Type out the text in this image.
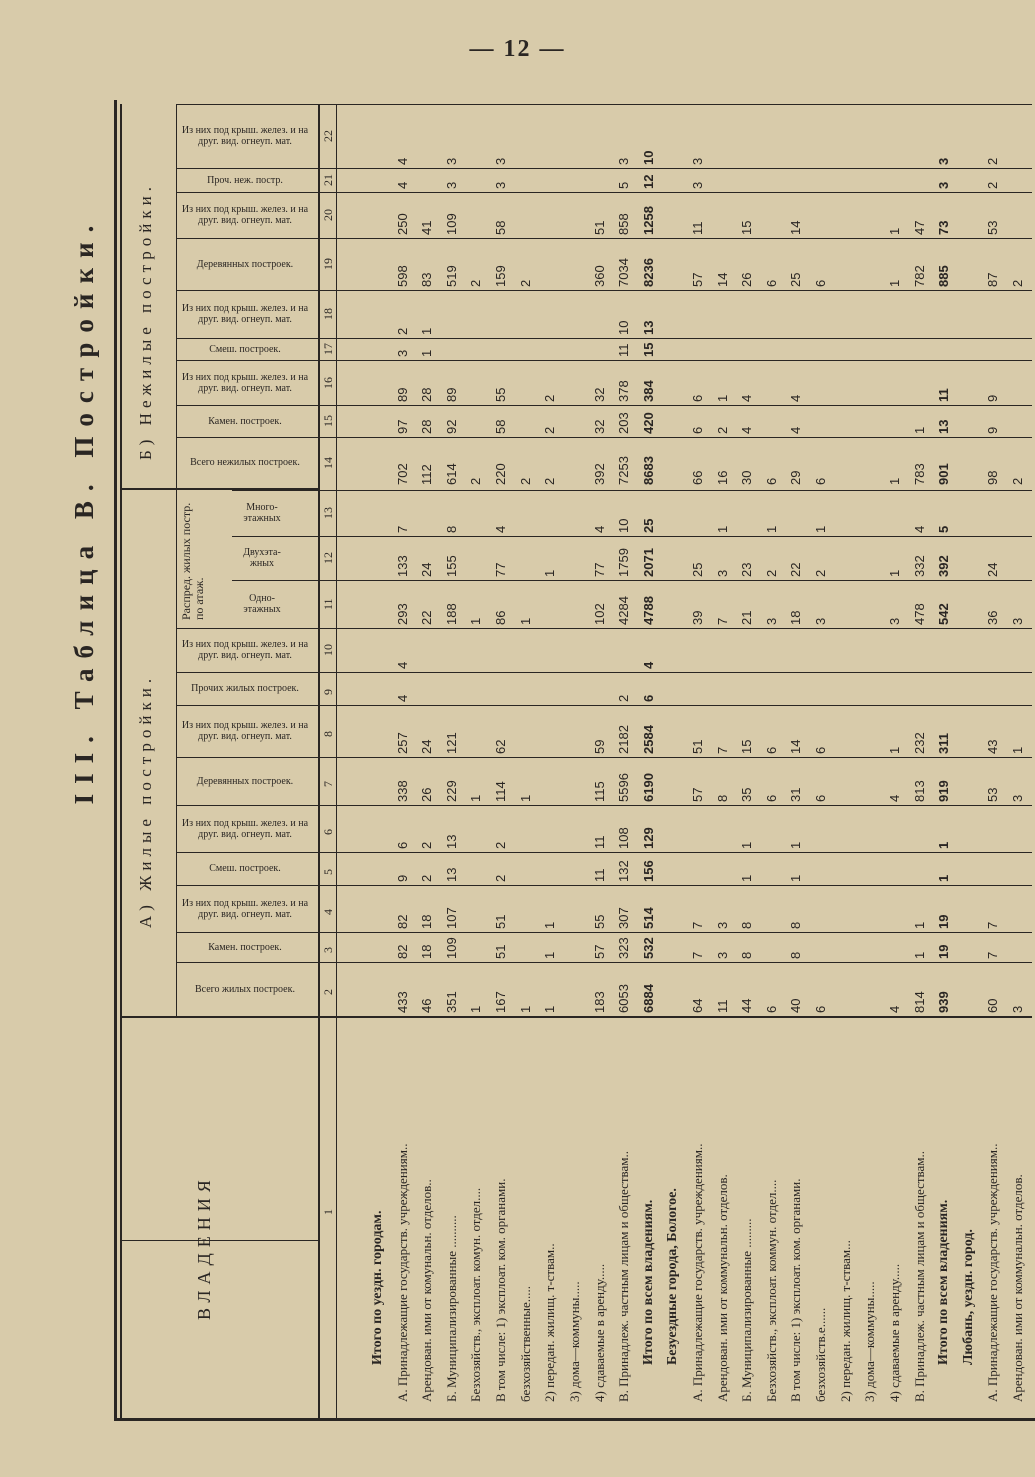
— 12 —
III. Таблица В. Постройки.	А) Жилые постройки.
Б) Нежилые постройки.
ВЛАДЕНИЯ
Распред. жилых постр. по атаж.
Всего жилых построек.
Камен. построек.
Из них под крыш. желез. и на друг. вид. огнеуп. мат.
Смеш. построек.
Из них под крыш. желез. и на друг. вид. огнеуп. мат.
Деревянных построек.
Из них под крыш. желез. и на друг. вид. огнеуп. мат.
Прочих жилых построек.
Из них под крыш. желез. и на друг. вид. огнеуп. мат.
Одно-этажных
Двухэта-жных
Много-этажных
Всего нежилых построек.
Камен. построек.
Из них под крыш. желез. и на друг. вид. огнеуп. мат.
Смеш. построек.
Из них под крыш. желез. и на друг. вид. огнеуп. мат.
Деревянных построек.
Из них под крыш. желез. и на друг. вид. огнеуп. мат.
Проч. неж. постр.
Из них под крыш. желез. и на друг. вид. огнеуп. мат.
1
2
3
4
5
6
7
8
9
10
11
12
13
14
15
16
17
18
19
20
21
22
Итого по уездн. городам. А. Принадлежащие государств. учреждениям..
433
82
82
9
6
338
257
4
4
293
133
7
702
97
89
3
2
598
250
4
4
Арендован. ими от комунальн. отделов..
46
18
18
2
2
26
24
22
24
112
28
28
1
1
83
41
Б. Муниципализированные ..........
351
109
107
13
13
229
121
188
155
8
614
92
89
519
109
3
3
Безхозяйств., эксплоат. комун. отдел....
1
1
1
2
2
В том числе: 1) эксплоат. ком. органами.
167
51
51
2
2
114
62
86
77
4
220
58
55
159
58
3
3
безхозяйственные.....
1
1
1
2
2
2) передан. жилищ. т-ствам..
1
1
1
1
2
2
2
3) дома—коммуны..... 4) сдаваемые в аренду.....
183
57
55
11
11
115
59
102
77
4
392
32
32
360
51
В. Принадлеж. частным лицам и обществам..
6053
323
307
132
108
5596
2182
2
4284
1759
10
7253
203
378
11
10
7034
858
5
3
Итого по всем владениям.
6884
532
514
156
129
6190
2584
6
4
4788
2071
25
8683
420
384
15
13
8236
1258
12
10
Безуездные города, Бологое. А. Принадлежащие государств. учреждениям..
64
7
7
57
51
39
25
66
6
6
57
11
3
3
Арендован. ими от коммунальн. отделов.
11
3
3
8
7
7
3
1
16
2
1
14
Б. Муниципализированные .........
44
8
8
1
1
35
15
21
23
30
4
4
26
15
Безхозяйств., эксплоат. коммун. отдел....
6
6
6
3
2
1
6
6
В том числе: 1) эксплоат. ком. органами.
40
8
8
1
1
31
14
18
22
29
4
4
25
14
безхозяйств.е......
6
6
6
3
2
1
6
6
2) передан. жилищ. т-ствам... 3) дома—коммуны..... 4) сдаваемые в аренду.....
4
4
1
3
1
1
1
1
В. Принадлеж. частным лицам и обществам..
814
1
1
813
232
478
332
4
783
1
782
47
Итого по всем владениям.
939
19
19
1
1
919
311
542
392
5
901
13
11
885
73
3
3
Любань, уездн. город. А. Принадлежащие государств. учреждениям..
60
7
7
53
43
36
24
98
9
9
87
53
2
2
Арендован. ими от коммунальн. отделов.
3
3
1
3
2
2
